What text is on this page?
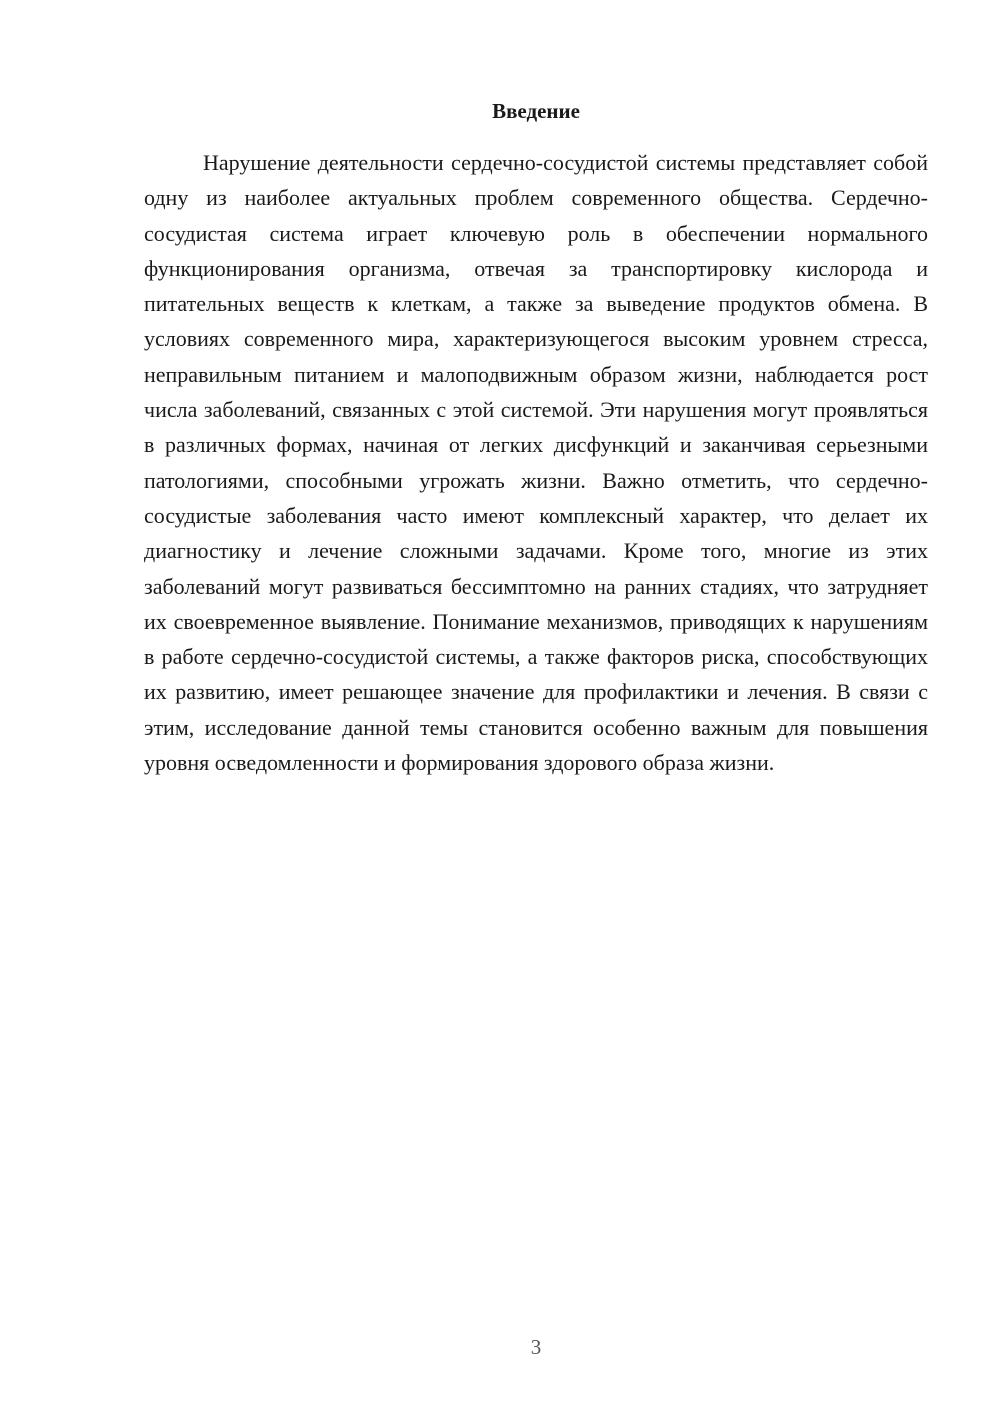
Введение

Нарушение деятельности сердечно-сосудистой системы представляет собой одну из наиболее актуальных проблем современного общества. Сердечно-сосудистая система играет ключевую роль в обеспечении нормального функционирования организма, отвечая за транспортировку кислорода и питательных веществ к клеткам, а также за выведение продуктов обмена. В условиях современного мира, характеризующегося высоким уровнем стресса, неправильным питанием и малоподвижным образом жизни, наблюдается рост числа заболеваний, связанных с этой системой. Эти нарушения могут проявляться в различных формах, начиная от легких дисфункций и заканчивая серьезными патологиями, способными угрожать жизни. Важно отметить, что сердечно-сосудистые заболевания часто имеют комплексный характер, что делает их диагностику и лечение сложными задачами. Кроме того, многие из этих заболеваний могут развиваться бессимптомно на ранних стадиях, что затрудняет их своевременное выявление. Понимание механизмов, приводящих к нарушениям в работе сердечно-сосудистой системы, а также факторов риска, способствующих их развитию, имеет решающее значение для профилактики и лечения. В связи с этим, исследование данной темы становится особенно важным для повышения уровня осведомленности и формирования здорового образа жизни.

3
